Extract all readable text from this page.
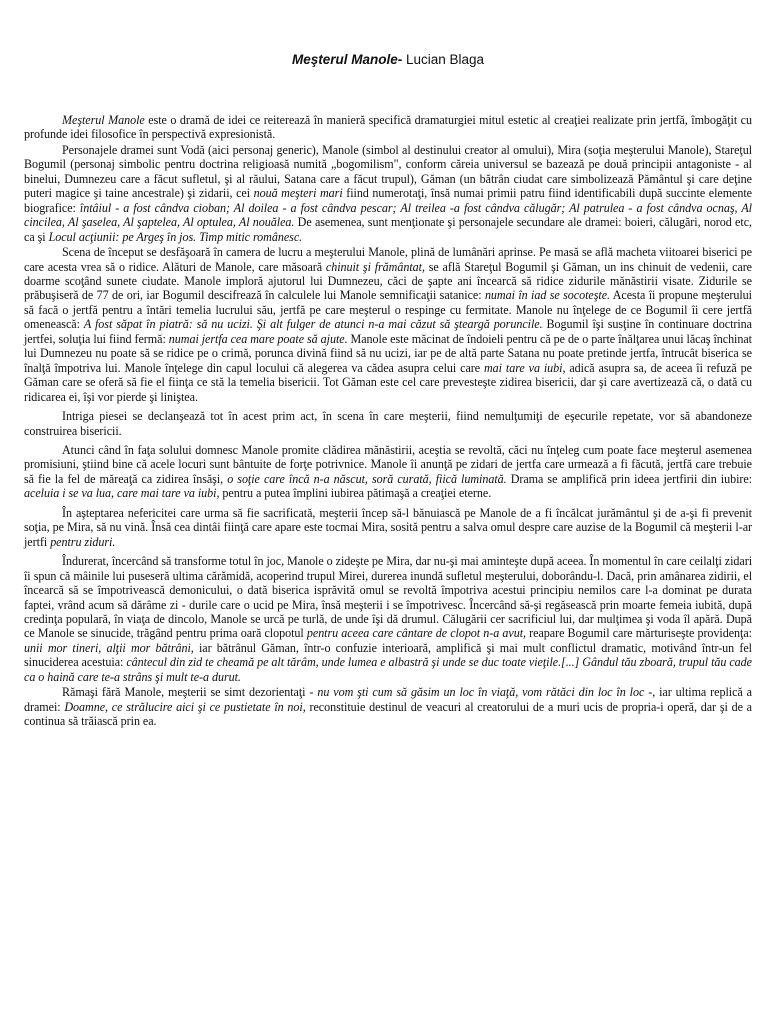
Meşterul Manole- Lucian Blaga

Meşterul Manole este o dramă de idei ce reiterează în manieră specifică dramaturgiei mitul estetic al creaţiei realizate prin jertfă, îmbogăţit cu profunde idei filosofice în perspectivă expresionistă.

Personajele dramei sunt Vodă (aici personaj generic), Manole (simbol al destinului creator al omului), Mira (soţia meşterului Manole), Stareţul Bogumil (personaj simbolic pentru doctrina religioasă numită „bogomilism", conform căreia universul se bazează pe două principii antagoniste - al binelui, Dumnezeu care a făcut sufletul, şi al răului, Satana care a făcut trupul), Găman (un bătrân ciudat care simbolizează Pământul şi care deţine puteri magice şi taine ancestrale) şi zidarii, cei nouă meşteri mari fiind numerotaţi, însă numai primii patru fiind identificabili după succinte elemente biografice: întâiul - a fost cândva cioban; Al doilea - a fost cândva pescar; Al treilea -a fost cândva călugăr; Al patrulea - a fost cândva ocnaş, Al cincilea, Al şaselea, Al şaptelea, Al optulea, Al nouălea. De asemenea, sunt menţionate şi personajele secundare ale dramei: boieri, călugări, norod etc, ca şi Locul acţiunii: pe Argeş în jos. Timp mitic românesc.

Scena de început se desfăşoară în camera de lucru a meşterului Manole, plină de lumânări aprinse. Pe masă se află macheta viitoarei biserici pe care acesta vrea să o ridice. Alături de Manole, care măsoară chinuit şi frământat, se află Stareţul Bogumil şi Găman, un ins chinuit de vedenii, care doarme scoţând sunete ciudate. Manole imploră ajutorul lui Dumnezeu, căci de şapte ani încearcă să ridice zidurile mănăstirii visate. Zidurile se prăbuşiseră de 77 de ori, iar Bogumil descifrează în calculele lui Manole semnificaţii satanice: numai în iad se socoteşte. Acesta îi propune meşterului să facă o jertfă pentru a întări temelia lucrului său, jertfă pe care meşterul o respinge cu fermitate. Manole nu înţelege de ce Bogumil îi cere jertfă omenească: A fost săpat în piatră: să nu ucizi. Şi alt fulger de atunci n-a mai căzut să şteargă poruncile. Bogumil îşi susţine în continuare doctrina jertfei, soluţia lui fiind fermă: numai jertfa cea mare poate să ajute. Manole este măcinat de îndoieli pentru că pe de o parte înălţarea unui lăcaş închinat lui Dumnezeu nu poate să se ridice pe o crimă, porunca divină fiind să nu ucizi, iar pe de altă parte Satana nu poate pretinde jertfa, întrucât biserica se înalţă împotriva lui. Manole înţelege din capul locului că alegerea va cădea asupra celui care mai tare va iubi, adică asupra sa, de aceea îi refuză pe Găman care se oferă să fie el fiinţa ce stă la temelia bisericii. Tot Găman este cel care prevesteşte zidirea bisericii, dar şi care avertizează că, o dată cu ridicarea ei, îşi vor pierde şi liniştea.

Intriga piesei se declanşează tot în acest prim act, în scena în care meşterii, fiind nemulţumiţi de eşecurile repetate, vor să abandoneze construirea bisericii.

Atunci când în faţa solului domnesc Manole promite clădirea mănăstirii, aceştia se revoltă, căci nu înţeleg cum poate face meşterul asemenea promisiuni, ştiind bine că acele locuri sunt bântuite de forţe potrivnice. Manole îi anunţă pe zidari de jertfa care urmează a fi făcută, jertfă care trebuie să fie la fel de măreaţă ca zidirea însăşi, o soţie care încă n-a născut, soră curată, fiică luminată. Drama se amplifică prin ideea jertfirii din iubire: aceluia i se va lua, care mai tare va iubi, pentru a putea împlini iubirea pătimaşă a creaţiei eterne.

În aşteptarea nefericitei care urma să fie sacrificată, meşterii încep să-l bănuiască pe Manole de a fi încălcat jurământul şi de a-şi fi prevenit soţia, pe Mira, să nu vină. Însă cea dintâi fiinţă care apare este tocmai Mira, sosită pentru a salva omul despre care auzise de la Bogumil că meşterii l-ar jertfi pentru ziduri.

Îndurerat, încercând să transforme totul în joc, Manole o zideşte pe Mira, dar nu-şi mai aminteşte după aceea. În momentul în care ceilalţi zidari îi spun că mâinile lui puseseră ultima cărămidă, acoperind trupul Mirei, durerea inundă sufletul meşterului, doborându-l. Dacă, prin amânarea zidirii, el încearcă să se împotrivească demonicului, o dată biserica isprăvită omul se revoltă împotriva acestui principiu nemilos care l-a dominat pe durata faptei, vrând acum să dărâme zi - durile care o ucid pe Mira, însă meşterii i se împotrivesc. Încercând să-şi regăsească prin moarte femeia iubită, după credinţa populară, în viaţa de dincolo, Manole se urcă pe turlă, de unde îşi dă drumul. Călugării cer sacrificiul lui, dar mulţimea şi voda îl apără. După ce Manole se sinucide, trăgând pentru prima oară clopotul pentru aceea care cântare de clopot n-a avut, reapare Bogumil care mărturiseşte providenţa: unii mor tineri, alţii mor bătrâni, iar bătrânul Găman, într-o confuzie interioară, amplifică şi mai mult conflictul dramatic, motivând într-un fel sinuciderea acestuia: cântecul din zid te cheamă pe alt tărâm, unde lumea e albastră şi unde se duc toate vieţile.[...] Gândul tău zboară, trupul tău cade ca o haină care te-a strâns şi mult te-a durut.

Rămaşi fără Manole, meşterii se simt dezorientaţi - nu vom şti cum să găsim un loc în viaţă, vom rătăci din loc în loc -, iar ultima replică a dramei: Doamne, ce strălucire aici şi ce pustietate în noi, reconstituie destinul de veacuri al creatorului de a muri ucis de propria-i operă, dar şi de a continua să trăiască prin ea.
